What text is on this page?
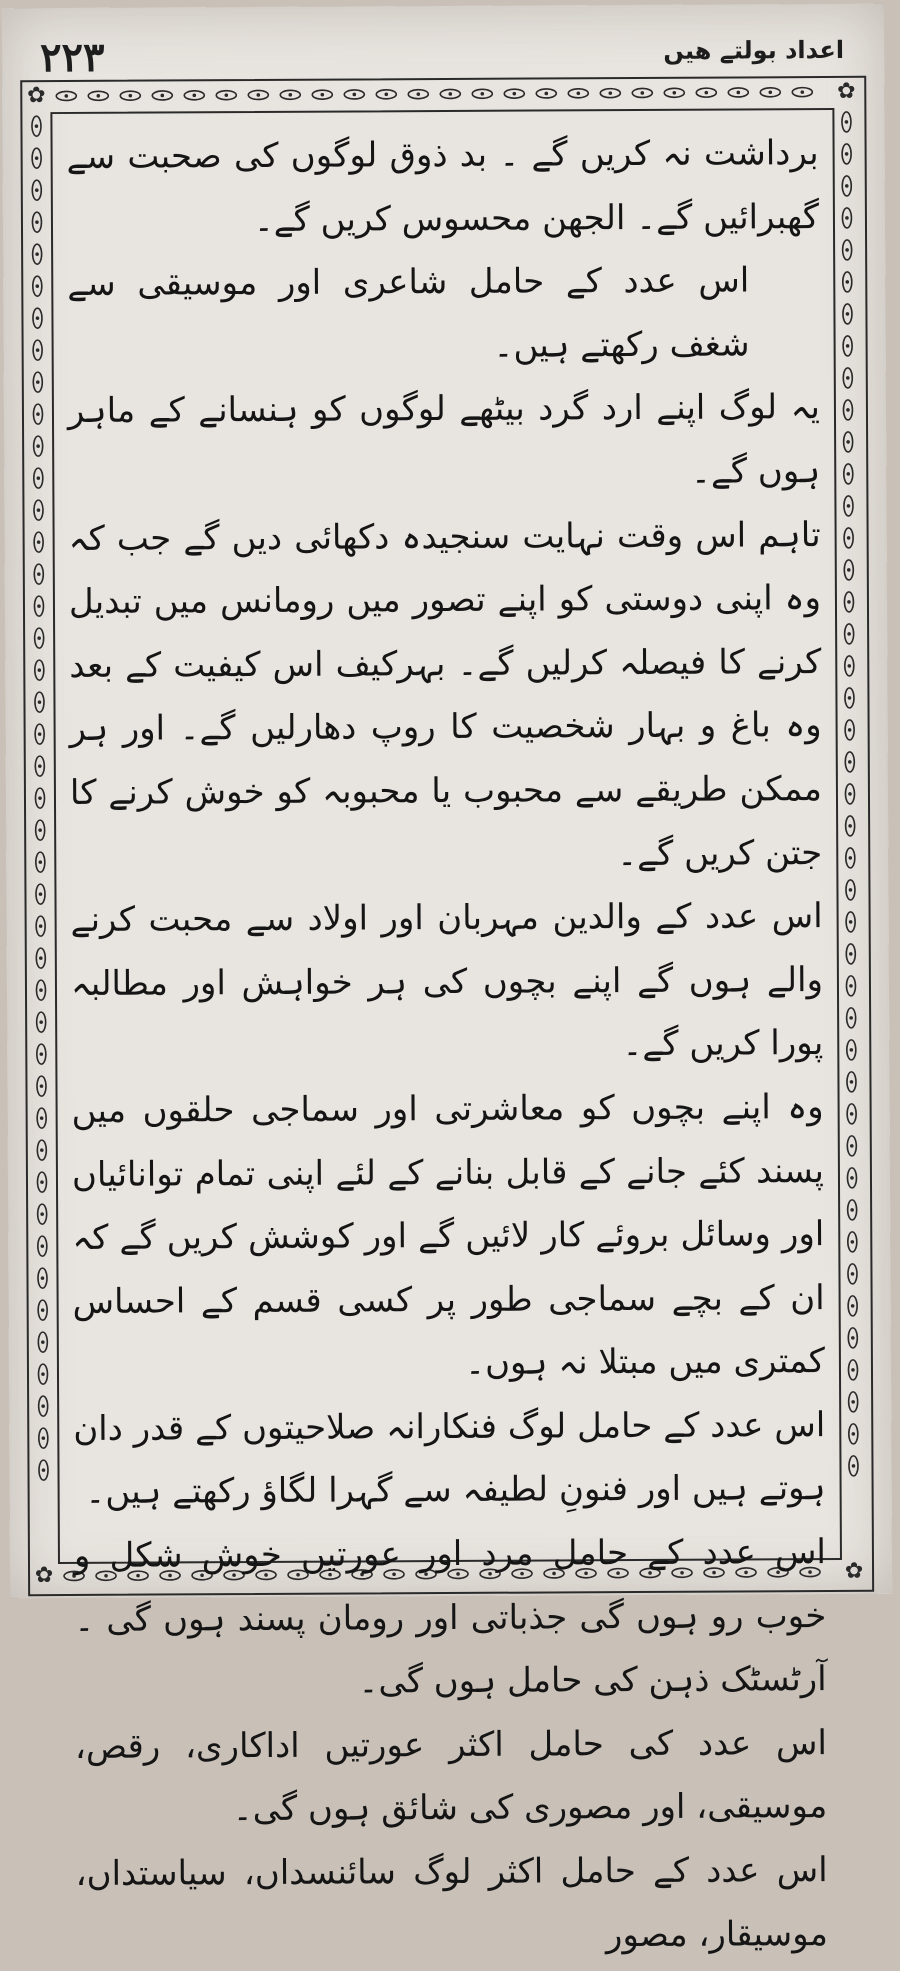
۲۲۳	اعداد بولتے ھیں
✿	✿
✿	✿

برداشت نہ کریں گے ۔ بد ذوق لوگوں کی صحبت سے گھبرائیں گے۔ الجھن محسوس کریں گے۔

اس عدد کے حامل شاعری اور موسیقی سے شغف رکھتے ہیں۔

یہ لوگ اپنے ارد گرد بیٹھے لوگوں کو ہنسانے کے ماہر ہوں گے۔

تاہم اس وقت نہایت سنجیدہ دکھائی دیں گے جب کہ وہ اپنی دوستی کو اپنے تصور میں رومانس میں تبدیل کرنے کا فیصلہ کرلیں گے۔ بہرکیف اس کیفیت کے بعد وہ باغ و بہار شخصیت کا روپ دھارلیں گے۔ اور ہر ممکن طریقے سے محبوب یا محبوبہ کو خوش کرنے کا جتن کریں گے۔

اس عدد کے والدین مہربان اور اولاد سے محبت کرنے والے ہوں گے اپنے بچوں کی ہر خواہش اور مطالبہ پورا کریں گے۔

وہ اپنے بچوں کو معاشرتی اور سماجی حلقوں میں پسند کئے جانے کے قابل بنانے کے لئے اپنی تمام توانائیاں اور وسائل بروئے کار لائیں گے اور کوشش کریں گے کہ ان کے بچے سماجی طور پر کسی قسم کے احساس کمتری میں مبتلا نہ ہوں۔

اس عدد کے حامل لوگ فنکارانہ صلاحیتوں کے قدر دان ہوتے ہیں اور فنونِ لطیفہ سے گہرا لگاؤ رکھتے ہیں۔

اس عدد کے حامل مرد اور عورتیں خوش شکل و خوب رو ہوں گی جذباتی اور رومان پسند ہوں گی ۔ آرٹسٹک ذہن کی حامل ہوں گی۔

اس عدد کی حامل اکثر عورتیں اداکاری، رقص، موسیقی، اور مصوری کی شائق ہوں گی۔

اس عدد کے حامل اکثر لوگ سائنسداں، سیاستداں، موسیقار، مصور
